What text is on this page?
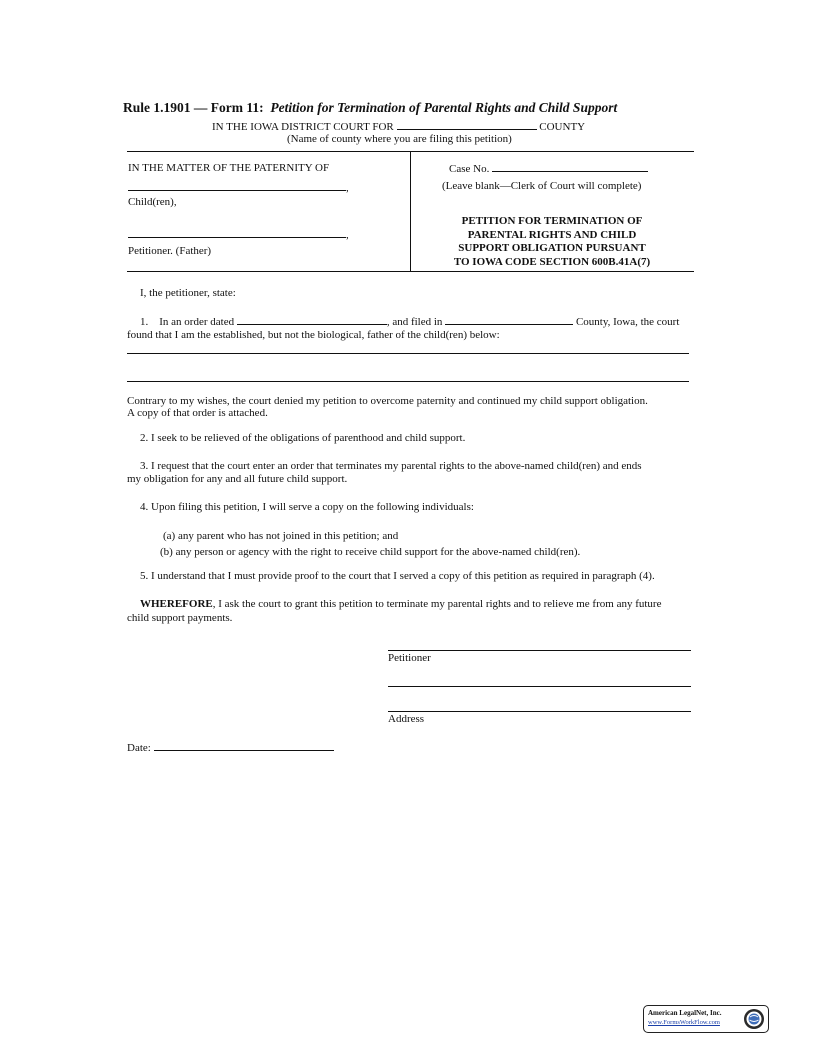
Rule 1.1901 — Form 11: Petition for Termination of Parental Rights and Child Support
IN THE IOWA DISTRICT COURT FOR	COUNTY
(Name of county where you are filing this petition)
IN THE MATTER OF THE PATERNITY OF
,
Child(ren),
,
Petitioner. (Father)
Case No.
(Leave blank—Clerk of Court will complete)
PETITION FOR TERMINATION OF
PARENTAL RIGHTS AND CHILD
SUPPORT OBLIGATION PURSUANT
TO IOWA CODE SECTION 600B.41A(7)
I, the petitioner, state:
1. In an order dated	, and filed in	County, Iowa, the court
found that I am the established, but not the biological, father of the child(ren) below:
Contrary to my wishes, the court denied my petition to overcome paternity and continued my child support obligation.
A copy of that order is attached.
2. I seek to be relieved of the obligations of parenthood and child support.
3. I request that the court enter an order that terminates my parental rights to the above-named child(ren) and ends
my obligation for any and all future child support.
4. Upon filing this petition, I will serve a copy on the following individuals:
(a) any parent who has not joined in this petition; and
(b) any person or agency with the right to receive child support for the above-named child(ren).
5. I understand that I must provide proof to the court that I served a copy of this petition as required in paragraph (4).
WHEREFORE, I ask the court to grant this petition to terminate my parental rights and to relieve me from any future
child support payments.
Petitioner
Address
Date:
American LegalNet, Inc.
www.FormsWorkFlow.com
